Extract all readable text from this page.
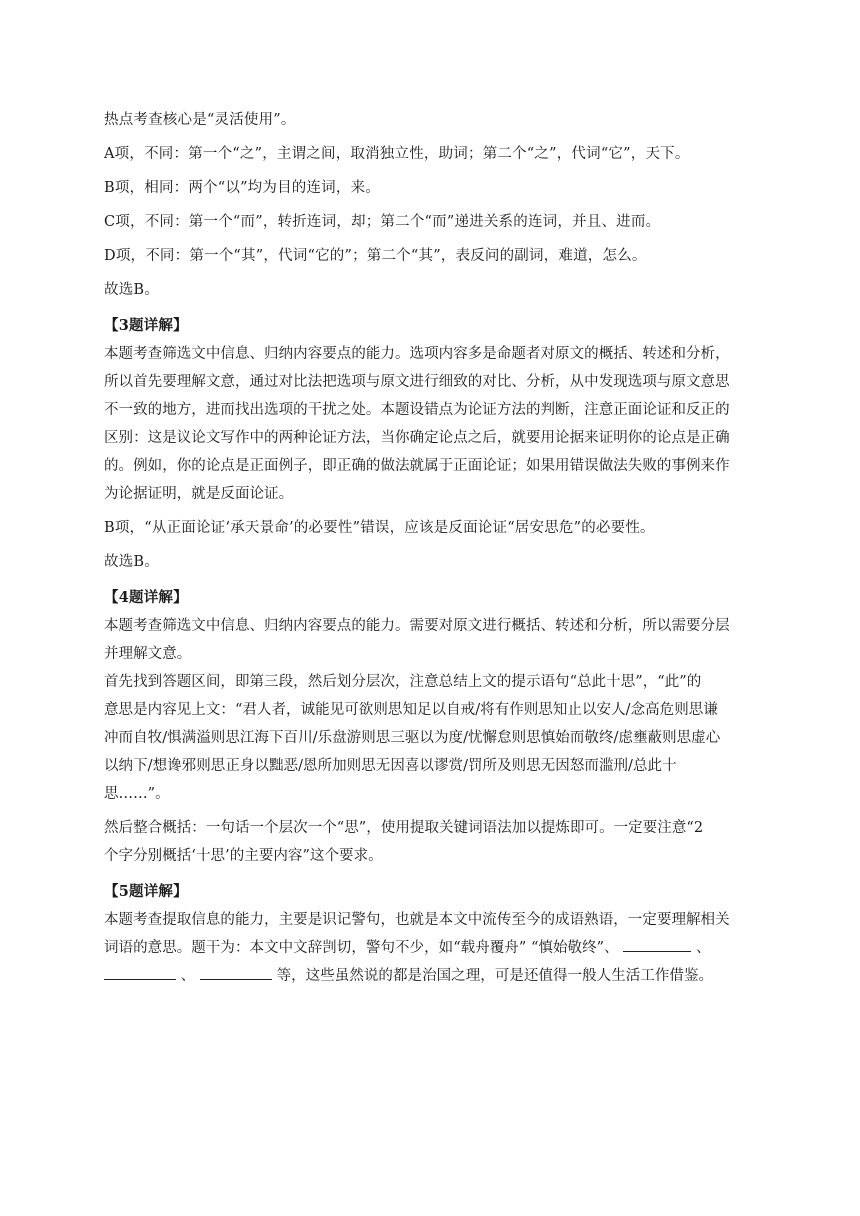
热点考查核心是“灵活使用”。
A项，不同：第一个“之”，主谓之间，取消独立性，助词；第二个“之”，代词“它”，天下。
B项，相同：两个“以”均为目的连词，来。
C项，不同：第一个“而”，转折连词，却；第二个“而”递进关系的连词，并且、进而。
D项，不同：第一个“其”，代词“它的”；第二个“其”，表反问的副词，难道，怎么。
故选B。
【3题详解】
本题考查筛选文中信息、归纳内容要点的能力。选项内容多是命题者对原文的概括、转述和分析，
所以首先要理解文意，通过对比法把选项与原文进行细致的对比、分析，从中发现选项与原文意思
不一致的地方，进而找出选项的干扰之处。本题设错点为论证方法的判断，注意正面论证和反正的
区别：这是议论文写作中的两种论证方法，当你确定论点之后，就要用论据来证明你的论点是正确
的。例如，你的论点是正面例子，即正确的做法就属于正面论证；如果用错误做法失败的事例来作
为论据证明，就是反面论证。
B项，“从正面论证‘承天景命’的必要性”错误，应该是反面论证“居安思危”的必要性。
故选B。
【4题详解】
本题考查筛选文中信息、归纳内容要点的能力。需要对原文进行概括、转述和分析，所以需要分层
并理解文意。
首先找到答题区间，即第三段，然后划分层次，注意总结上文的提示语句“总此十思”，“此”的
意思是内容见上文：“君人者，诚能见可欲则思知足以自戒/将有作则思知止以安人/念高危则思谦
冲而自牧/惧满溢则思江海下百川/乐盘游则思三驱以为度/忧懈怠则思慎始而敬终/虑壅蔽则思虚心
以纳下/想谗邪则思正身以黜恶/恩所加则思无因喜以谬赏/罚所及则思无因怒而滥刑/总此十
思……”。
然后整合概括：一句话一个层次一个“思”，使用提取关键词语法加以提炼即可。一定要注意“2
个字分别概括‘十思’的主要内容”这个要求。
【5题详解】
本题考查提取信息的能力，主要是识记警句，也就是本文中流传至今的成语熟语，一定要理解相关
词语的意思。题干为：本文中文辞剀切，警句不少，如“载舟覆舟” “慎始敬终”、	、
、	等，这些虽然说的都是治国之理，可是还值得一般人生活工作借鉴。
